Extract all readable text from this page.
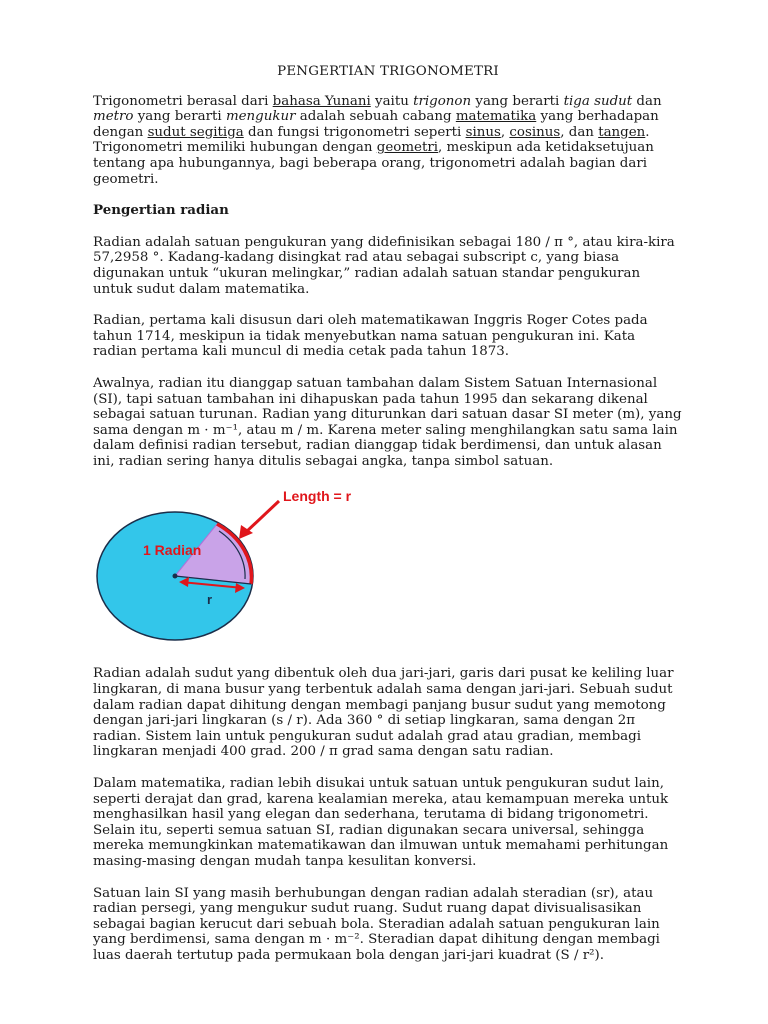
PENGERTIAN TRIGONOMETRI

Trigonometri berasal dari bahasa Yunani yaitu trigonon yang berarti tiga sudut dan metro yang berarti mengukur adalah sebuah cabang matematika yang berhadapan dengan sudut segitiga dan fungsi trigonometri seperti sinus, cosinus, dan tangen. Trigonometri memiliki hubungan dengan geometri, meskipun ada ketidaksetujuan tentang apa hubungannya, bagi beberapa orang, trigonometri adalah bagian dari geometri.

Pengertian radian

Radian adalah satuan pengukuran yang didefinisikan sebagai 180 / π °, atau kira-kira 57,2958 °. Kadang-kadang disingkat rad atau sebagai subscript c, yang biasa digunakan untuk “ukuran melingkar,” radian adalah satuan standar pengukuran untuk sudut dalam matematika.

Radian, pertama kali disusun dari oleh matematikawan Inggris Roger Cotes pada tahun 1714, meskipun ia tidak menyebutkan nama satuan pengukuran ini. Kata radian pertama kali muncul di media cetak pada tahun 1873.

Awalnya, radian itu dianggap satuan tambahan dalam Sistem Satuan Internasional (SI), tapi satuan tambahan ini dihapuskan pada tahun 1995 dan sekarang dikenal sebagai satuan turunan. Radian yang diturunkan dari satuan dasar SI meter (m), yang sama dengan m · m⁻¹, atau m / m. Karena meter saling menghilangkan satu sama lain dalam definisi radian tersebut, radian dianggap tidak berdimensi, dan untuk alasan ini, radian sering hanya ditulis sebagai angka, tanpa simbol satuan.

Length = r
1 Radian
r

Radian adalah sudut yang dibentuk oleh dua jari-jari, garis dari pusat ke keliling luar lingkaran, di mana busur yang terbentuk adalah sama dengan jari-jari. Sebuah sudut dalam radian dapat dihitung dengan membagi panjang busur sudut yang memotong dengan jari-jari lingkaran (s / r). Ada 360 ° di setiap lingkaran, sama dengan 2π radian. Sistem lain untuk pengukuran sudut adalah grad atau gradian, membagi lingkaran menjadi 400 grad. 200 / π grad sama dengan satu radian.

Dalam matematika, radian lebih disukai untuk satuan untuk pengukuran sudut lain, seperti derajat dan grad, karena kealamian mereka, atau kemampuan mereka untuk menghasilkan hasil yang elegan dan sederhana, terutama di bidang trigonometri. Selain itu, seperti semua satuan SI, radian digunakan secara universal, sehingga mereka memungkinkan matematikawan dan ilmuwan untuk memahami perhitungan masing-masing dengan mudah tanpa kesulitan konversi.

Satuan lain SI yang masih berhubungan dengan radian adalah steradian (sr), atau radian persegi, yang mengukur sudut ruang. Sudut ruang dapat divisualisasikan sebagai bagian kerucut dari sebuah bola. Steradian adalah satuan pengukuran lain yang berdimensi, sama dengan m · m⁻². Steradian dapat dihitung dengan membagi luas daerah tertutup pada permukaan bola dengan jari-jari kuadrat (S / r²).
